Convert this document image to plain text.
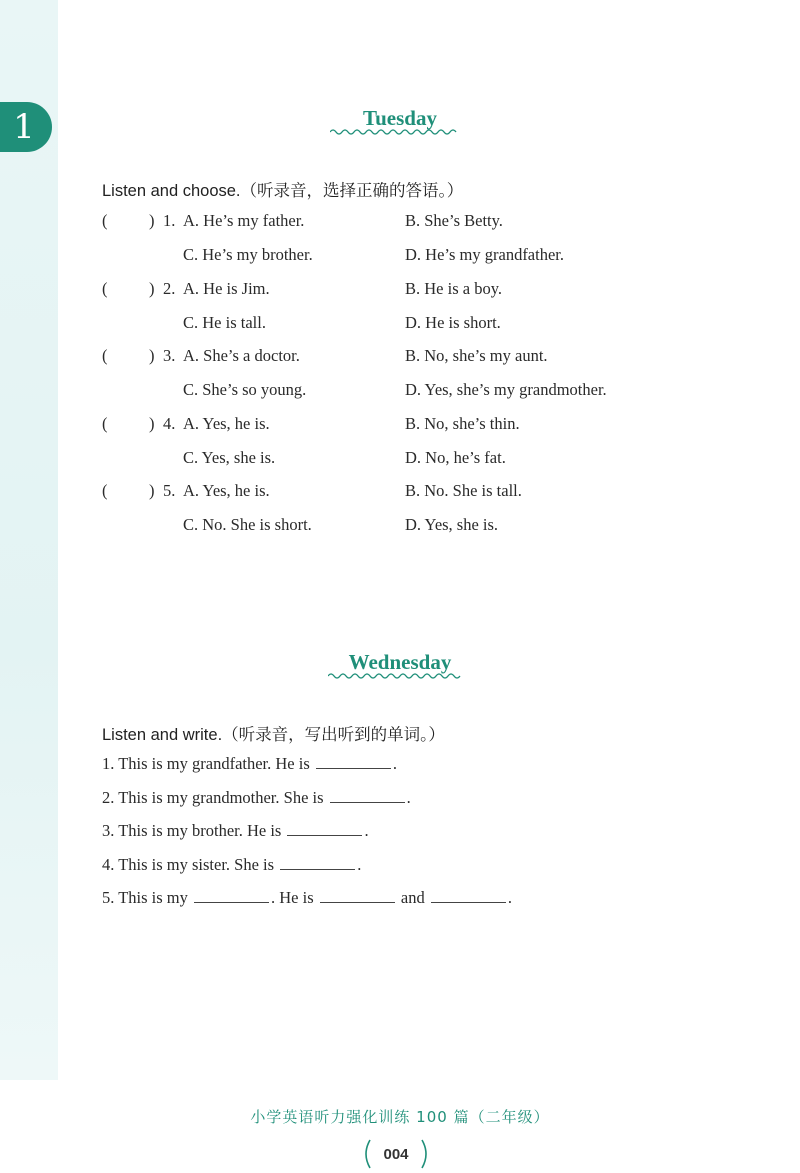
1	Tuesday
Listen and choose.（听录音，选择正确的答语。）
(	) 1. A. He’s my father.	B. She’s Betty.
C. He’s my brother.	D. He’s my grandfather.
(	) 2. A. He is Jim.	B. He is a boy.
C. He is tall.	D. He is short.
(	) 3. A. She’s a doctor.	B. No, she’s my aunt.
C. She’s so young.	D. Yes, she’s my grandmother.
(	) 4. A. Yes, he is.	B. No, she’s thin.
C. Yes, she is.	D. No, he’s fat.
(	) 5. A. Yes, he is.	B. No. She is tall.
C. No. She is short.	D. Yes, she is.
Wednesday
Listen and write.（听录音，写出听到的单词。）
1. This is my grandfather. He is	.
2. This is my grandmother. She is	.
3. This is my brother. He is	.
4. This is my sister. She is	.
5. This is my	. He is	and	.
小学英语听力强化训练 100 篇（二年级）
004
